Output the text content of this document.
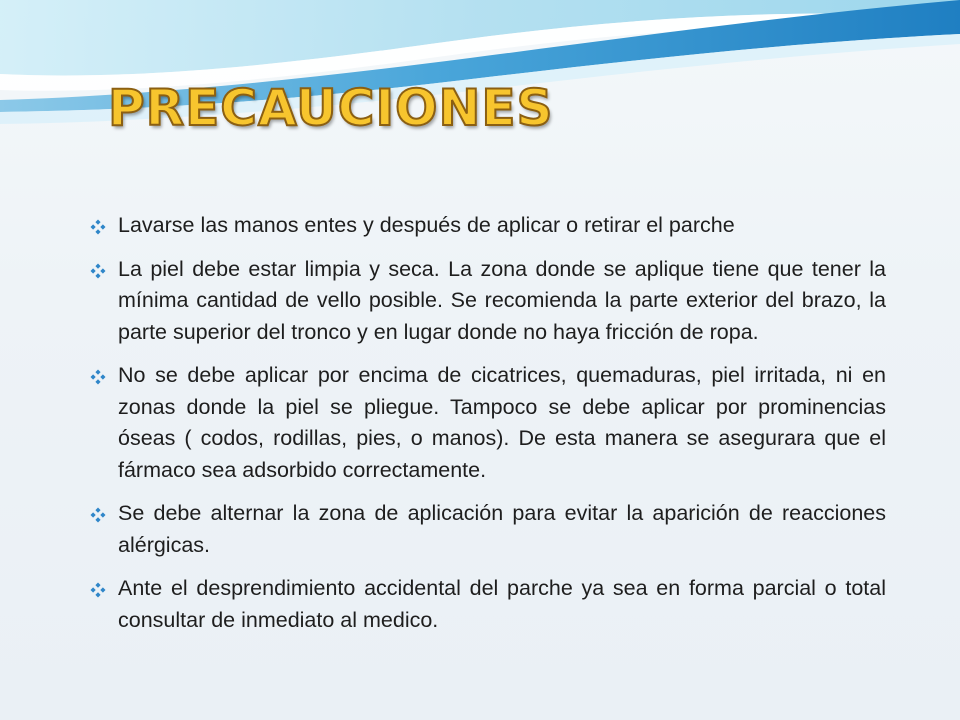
PRECAUCIONES
Lavarse las manos entes y después de aplicar o retirar el parche
La piel debe estar limpia y seca. La zona donde se aplique tiene que tener la mínima cantidad de vello posible. Se recomienda la parte exterior del brazo, la parte superior del tronco y en lugar donde no haya fricción de ropa.
No se debe aplicar por encima de cicatrices, quemaduras, piel irritada, ni en zonas donde la piel se pliegue. Tampoco se debe aplicar por prominencias óseas ( codos, rodillas, pies, o manos). De esta manera se asegurara que el fármaco sea adsorbido correctamente.
Se debe alternar la zona de aplicación para evitar la aparición de reacciones alérgicas.
Ante el desprendimiento accidental del parche ya sea en forma parcial o total consultar de inmediato al medico.
